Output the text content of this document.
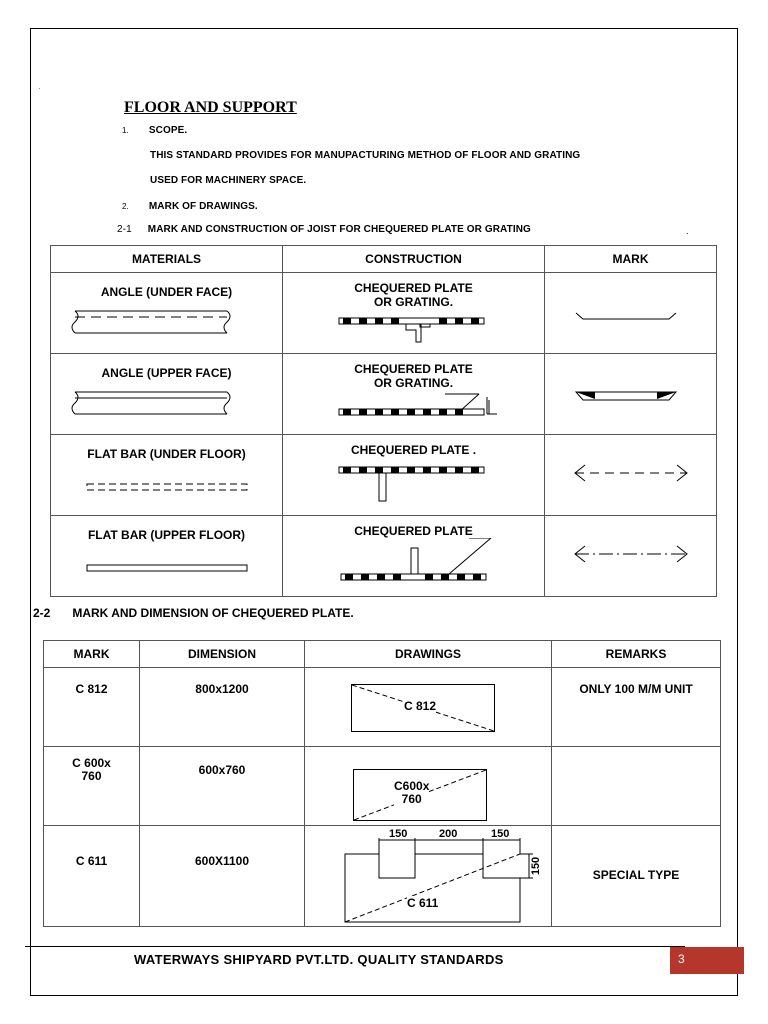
·
FLOOR AND SUPPORT
1. SCOPE.
THIS STANDARD PROVIDES FOR MANUPACTURING METHOD OF FLOOR AND GRATING
USED FOR MACHINERY SPACE.
2. MARK OF DRAWINGS.
2-1 MARK AND CONSTRUCTION OF JOIST FOR CHEQUERED PLATE OR GRATING	.
MATERIALS	CONSTRUCTION	MARK

ANGLE (UNDER FACE)	CHEQUERED PLATE
OR GRATING.

ANGLE (UPPER FACE)	CHEQUERED PLATE
OR GRATING.

FLAT BAR (UNDER FLOOR)	CHEQUERED PLATE .

FLAT BAR (UPPER FLOOR)	CHEQUERED PLATE

2-2 MARK AND DIMENSION OF CHEQUERED PLATE.
MARK	DIMENSION	DRAWINGS	REMARKS

C 812	800x1200	C 812	ONLY 100 M/M UNIT

C 600x
760	600x760	C600x
760	

C 611	600X1100	150 200 150
150
C 611	SPECIAL TYPE
WATERWAYS SHIPYARD PVT.LTD. QUALITY STANDARDS	3
